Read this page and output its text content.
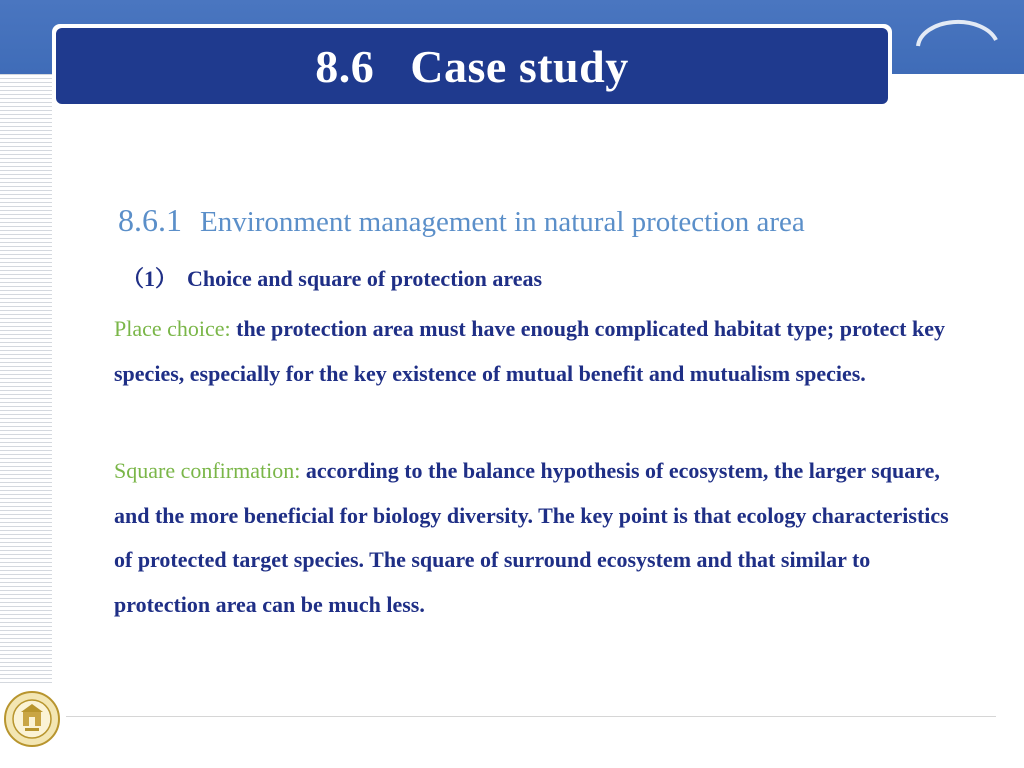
8.6   Case study
8.6.1 Environment management in natural protection area
（1） Choice and square of protection areas
Place choice: the protection area must have enough complicated habitat type; protect key species, especially for the key existence of mutual benefit and mutualism species.
Square confirmation: according to the balance hypothesis of ecosystem, the larger square, and the more beneficial for biology diversity. The key point is that ecology characteristics of protected target species. The square of surround ecosystem and that similar to protection area can be much less.
